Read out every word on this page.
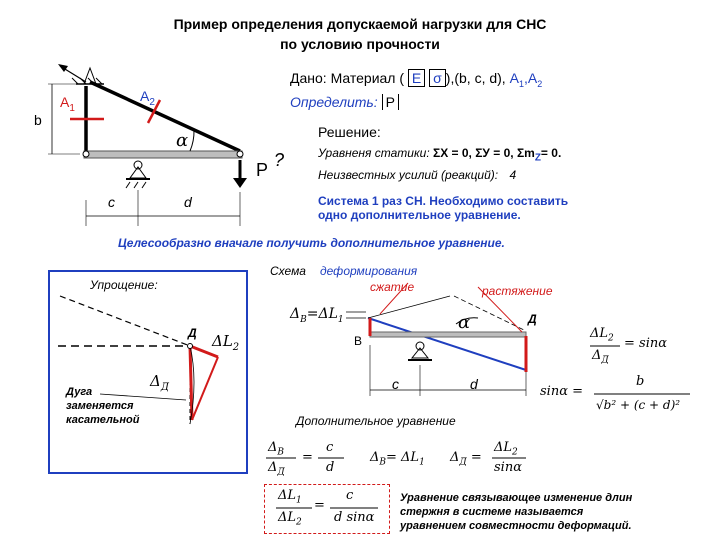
Пример определения допускаемой нагрузки для СНС
по условию прочности
b
$A_1$
$A_2$
α
P ?
c	d
Дано: Материал ( E σ ),(b, c, d), $A_1,A_2$
Определить: P
Решение:
Уравненя статики: ΣX = 0, ΣУ = 0, $\Sigma m_Z= 0$.
Неизвестных усилий (реакций): 4
Система 1 раз СН. Необходимо составить
одно дополнительное уравнение.
Целесообразно вначале получить дополнительное уравнение.
Упрощение:
Д $\Delta L_2$
$\Delta_Д$
Дуга
заменяется
касательной
Схема деформирования
сжатие	растяжение
$\Delta_B=\Delta L_1$
B
Д
α
c	d
$\Delta L_2$
$\Delta_Д$
= sinα
sinα =
b
√b² + (c + d)²
Дополнительное уравнение
$\Delta_B$
$\Delta_Д$
=
c
d
$\Delta_B= \Delta L_1$ $\Delta_Д$ =
$\Delta L_2$
sinα
$\Delta L_1$
$\Delta L_2$
=
c
d sinα
Уравнение связывающее изменение длин
стержня в системе называется
уравнением совместности деформаций.
